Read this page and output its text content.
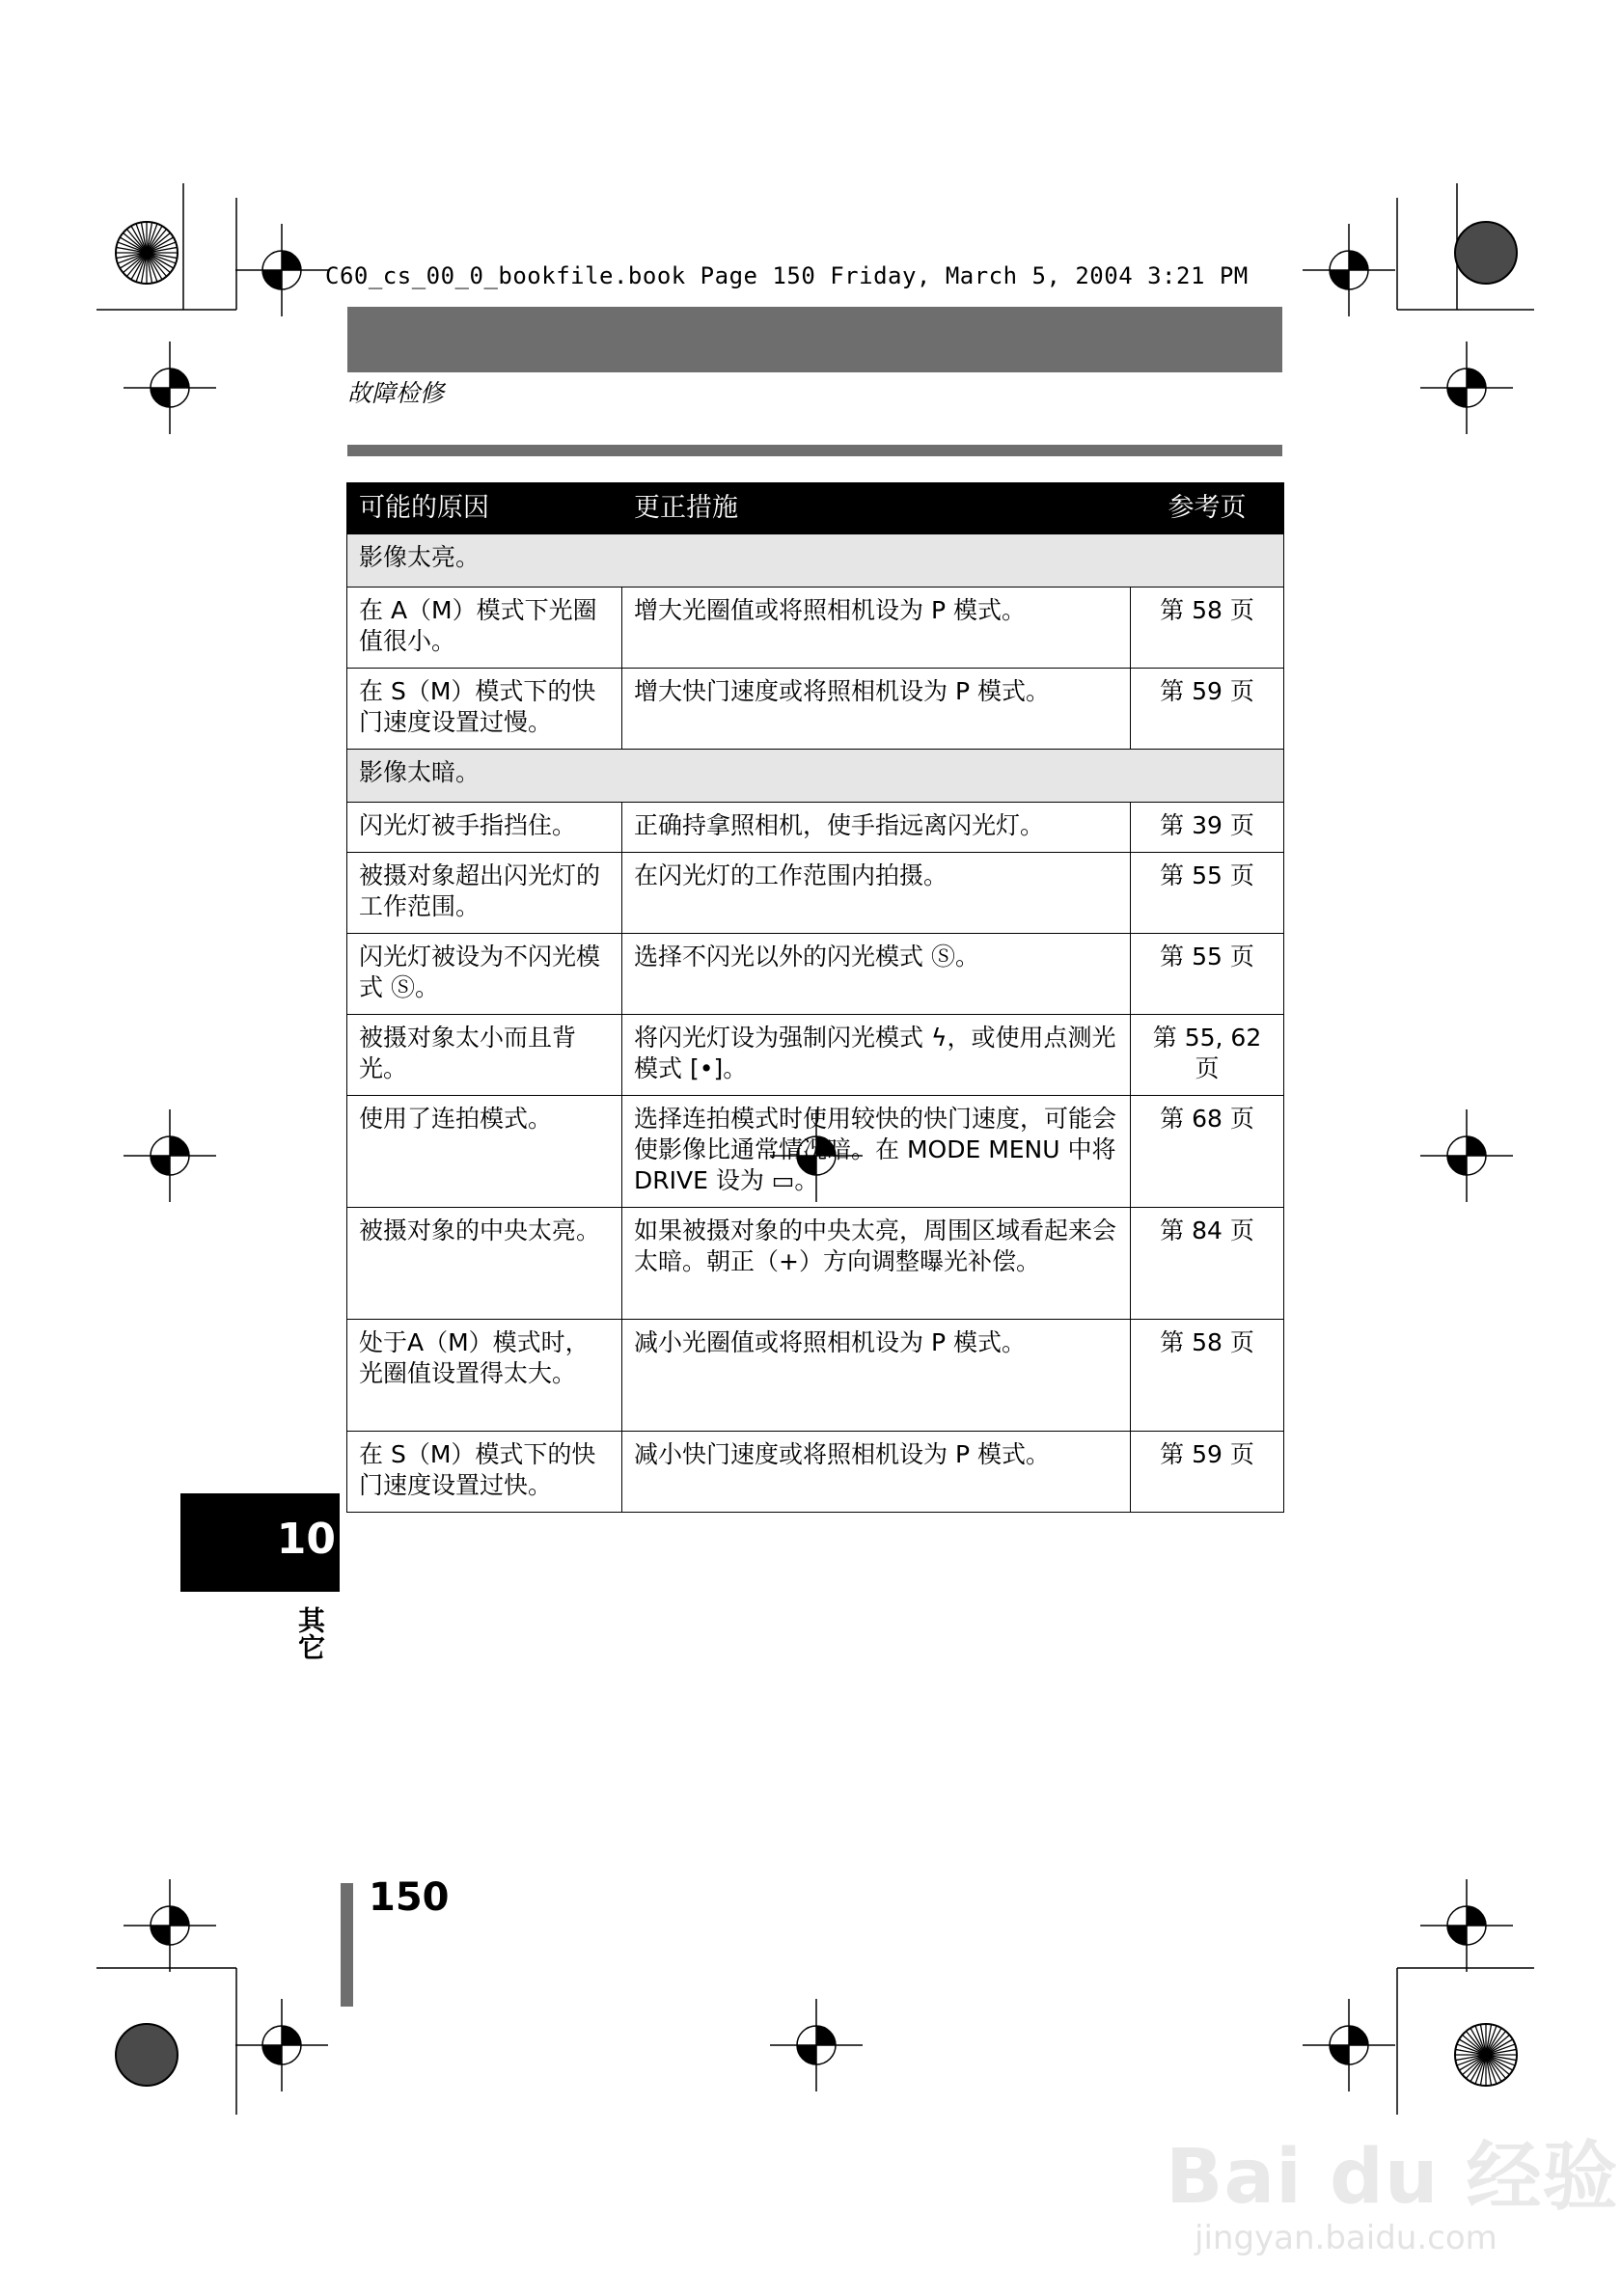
C60_cs_00_0_bookfile.book Page 150 Friday, March 5, 2004 3:21 PM
故障检修
可能的原因	更正措施	参考页
影像太亮。		
在 A（M）模式下光圈值很小。	增大光圈值或将照相机设为 P 模式。	第 58 页
在 S（M）模式下的快门速度设置过慢。	增大快门速度或将照相机设为 P 模式。	第 59 页
影像太暗。		
闪光灯被手指挡住。	正确持拿照相机，使手指远离闪光灯。	第 39 页
被摄对象超出闪光灯的工作范围。	在闪光灯的工作范围内拍摄。	第 55 页
闪光灯被设为不闪光模式 Ⓢ。	选择不闪光以外的闪光模式 Ⓢ。	第 55 页
被摄对象太小而且背光。	将闪光灯设为强制闪光模式 ϟ，或使用点测光模式 [•]。	第 55, 62 页
使用了连拍模式。	选择连拍模式时使用较快的快门速度，可能会使影像比通常情况暗。在 MODE MENU 中将 DRIVE 设为 ▭。	第 68 页
被摄对象的中央太亮。	如果被摄对象的中央太亮，周围区域看起来会太暗。朝正（+）方向调整曝光补偿。	第 84 页
处于A（M）模式时，光圈值设置得太大。	减小光圈值或将照相机设为 P 模式。	第 58 页
在 S（M）模式下的快门速度设置过快。	减小快门速度或将照相机设为 P 模式。	第 59 页
10
其它
150
Bai du 经验
jingyan.baidu.com
